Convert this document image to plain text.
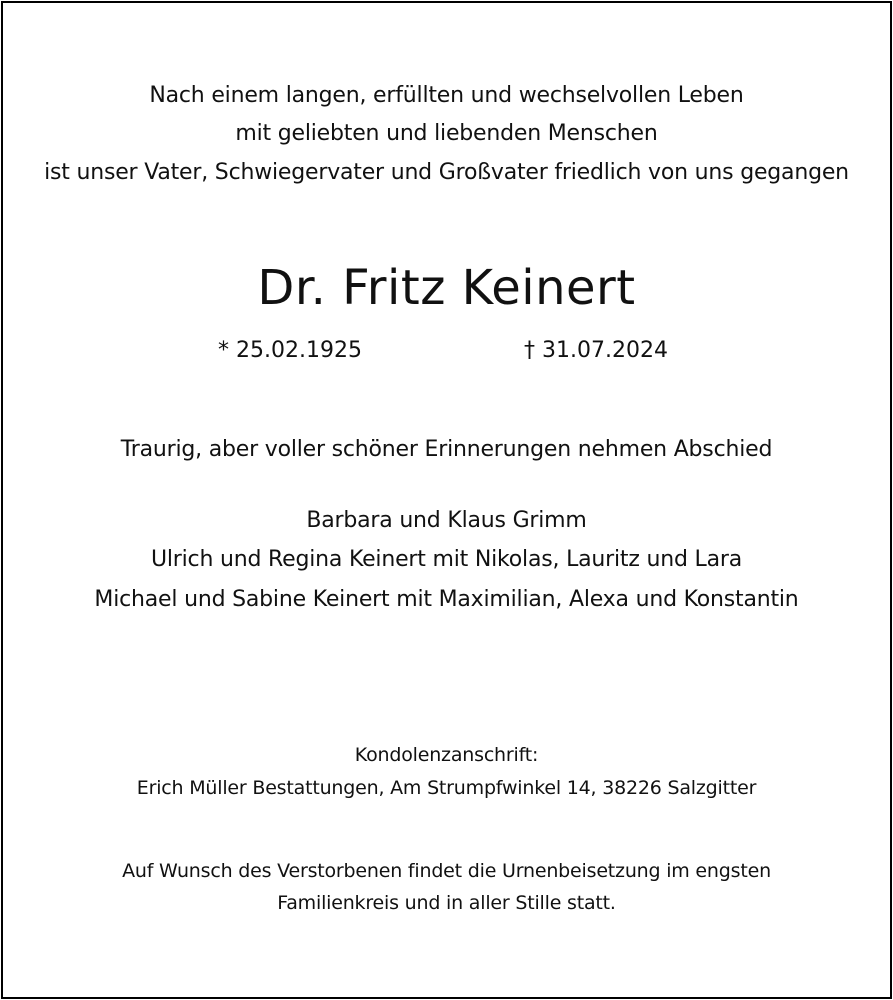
Nach einem langen, erfüllten und wechselvollen Leben
mit geliebten und liebenden Menschen
ist unser Vater, Schwiegervater und Großvater friedlich von uns gegangen
Dr. Fritz Keinert
* 25.02.1925	† 31.07.2024
Traurig, aber voller schöner Erinnerungen nehmen Abschied
Barbara und Klaus Grimm
Ulrich und Regina Keinert mit Nikolas, Lauritz und Lara
Michael und Sabine Keinert mit Maximilian, Alexa und Konstantin
Kondolenzanschrift:
Erich Müller Bestattungen, Am Strumpfwinkel 14, 38226 Salzgitter
Auf Wunsch des Verstorbenen findet die Urnenbeisetzung im engsten
Familienkreis und in aller Stille statt.
